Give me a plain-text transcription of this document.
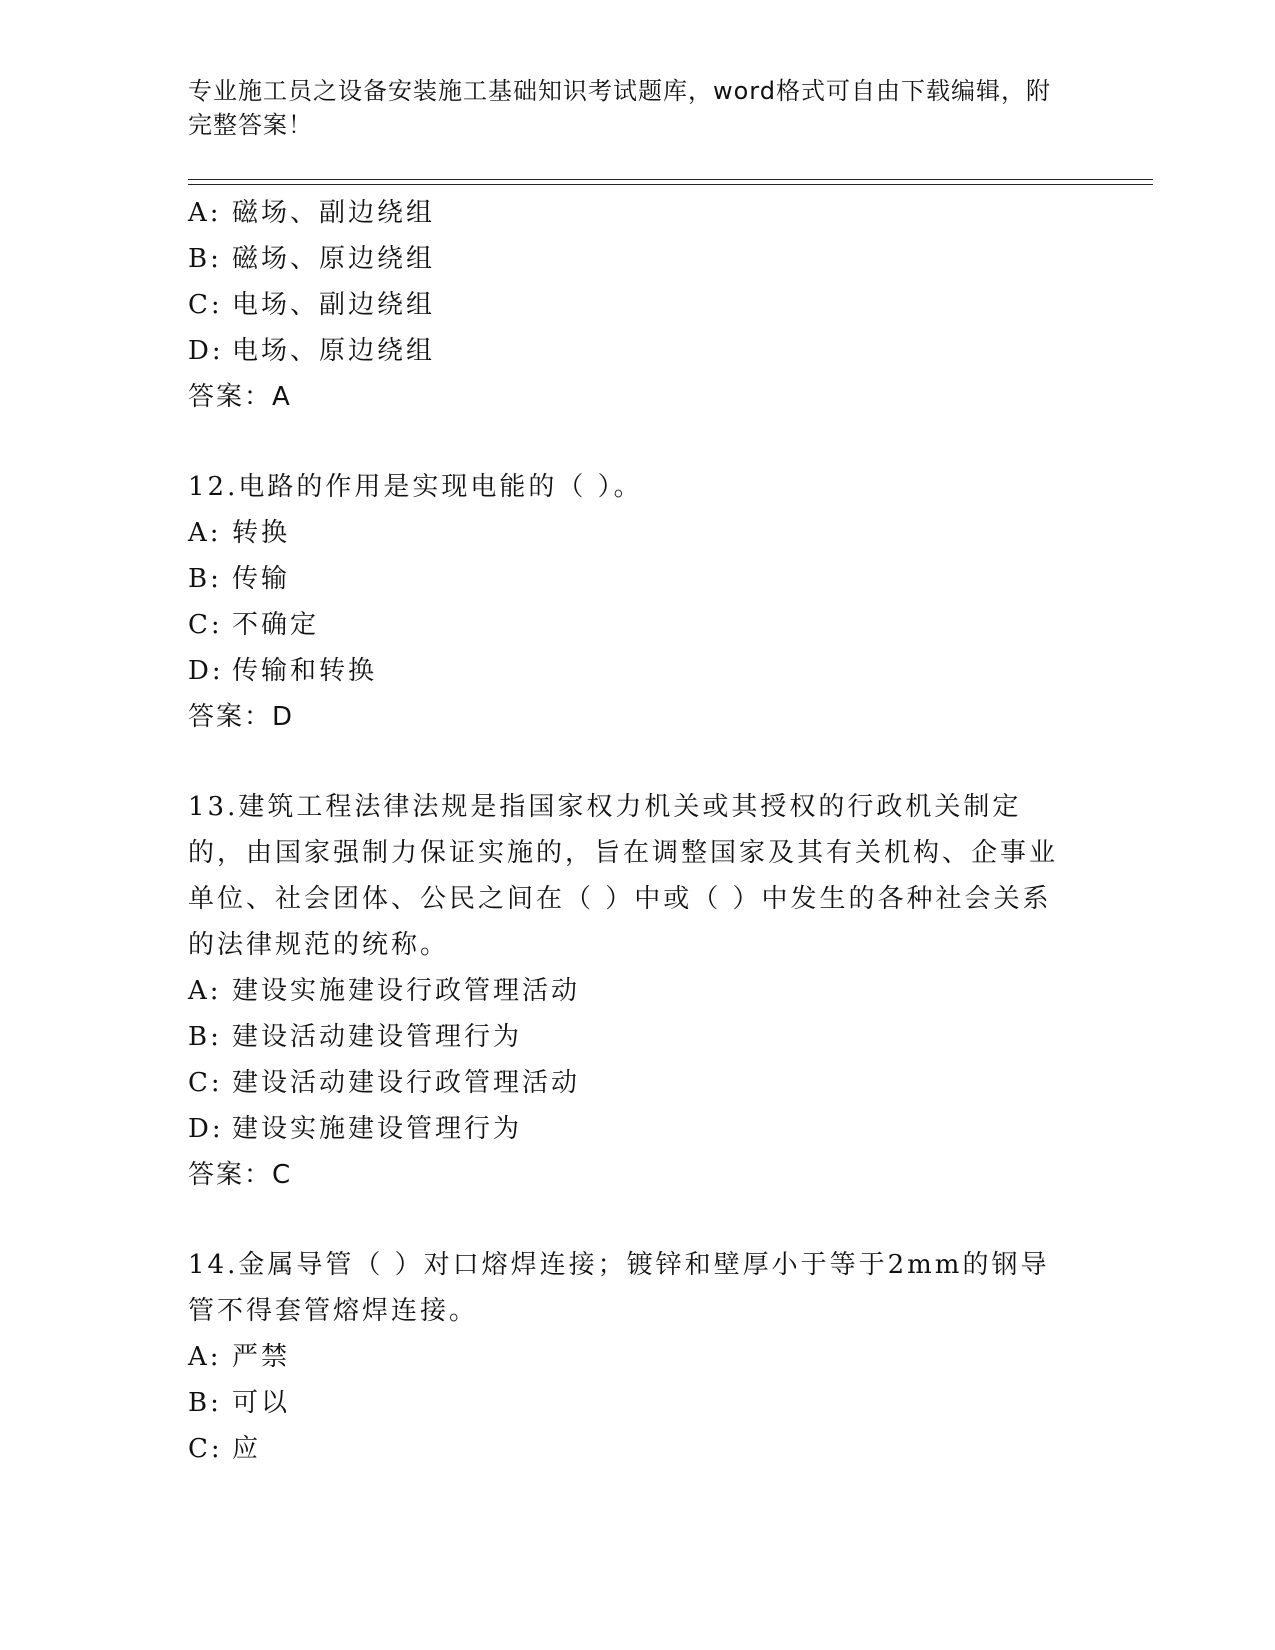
专业施工员之设备安装施工基础知识考试题库，word格式可自由下载编辑，附完整答案！
A: 磁场、副边绕组
B: 磁场、原边绕组
C: 电场、副边绕组
D: 电场、原边绕组
答案：A
12.电路的作用是实现电能的（ ）。
A: 转换
B: 传输
C: 不确定
D: 传输和转换
答案：D
13.建筑工程法律法规是指国家权力机关或其授权的行政机关制定的，由国家强制力保证实施的，旨在调整国家及其有关机构、企事业单位、社会团体、公民之间在（ ）中或（ ）中发生的各种社会关系的法律规范的统称。
A: 建设实施建设行政管理活动
B: 建设活动建设管理行为
C: 建设活动建设行政管理活动
D: 建设实施建设管理行为
答案：C
14.金属导管（ ）对口熔焊连接；镀锌和壁厚小于等于2mm的钢导管不得套管熔焊连接。
A: 严禁
B: 可以
C: 应
